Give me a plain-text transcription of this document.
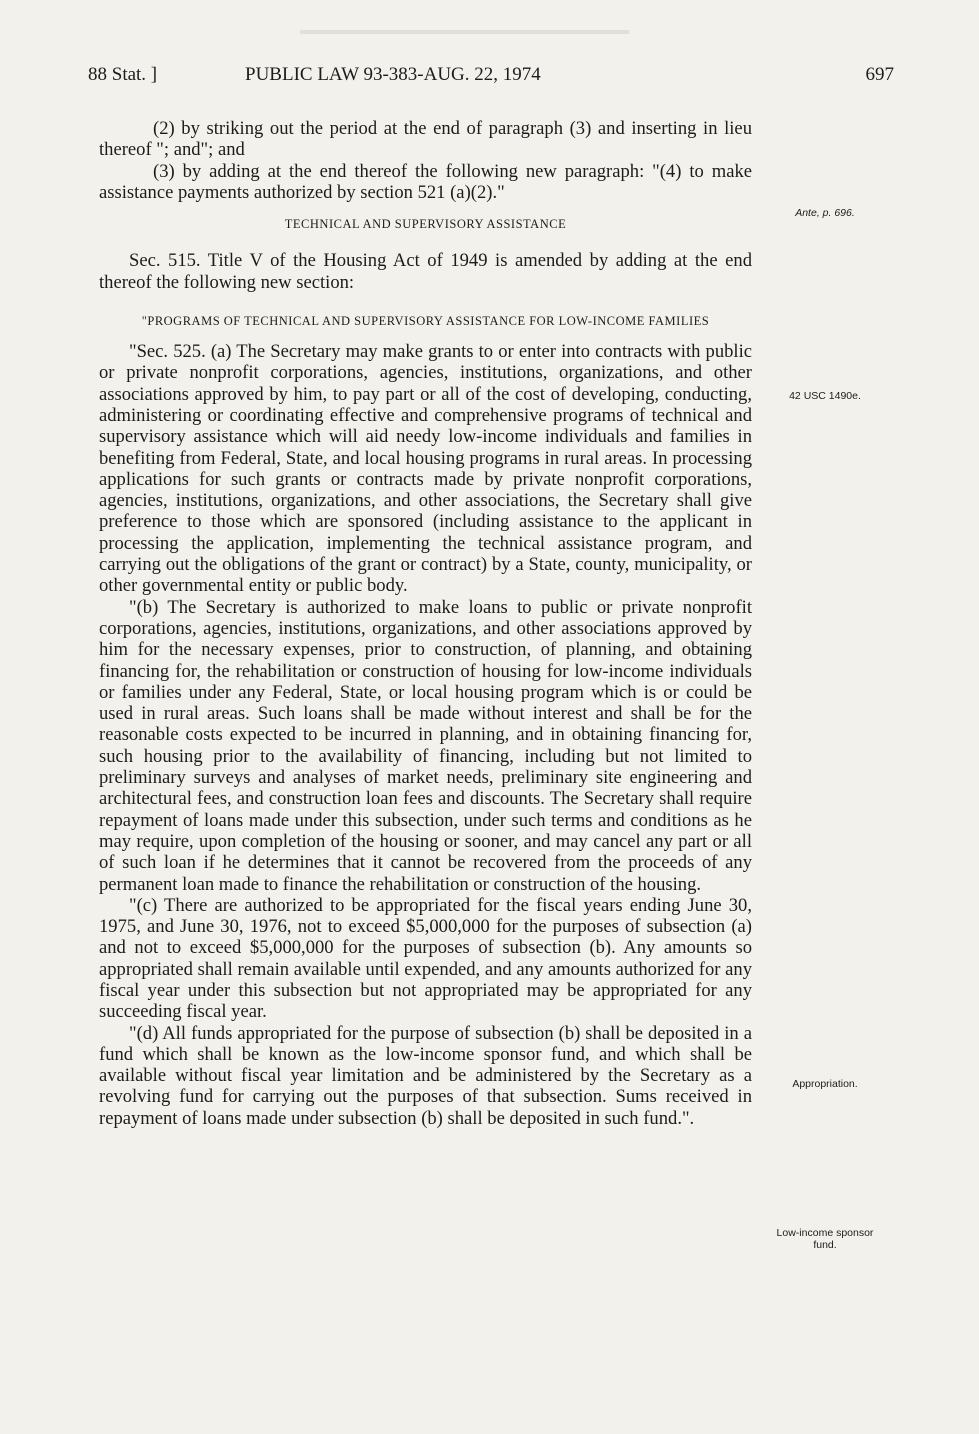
88 Stat. ]	PUBLIC LAW 93-383-AUG. 22, 1974	697
Ante, p. 696.
42 USC 1490e.
Appropriation.
Low-income sponsor fund.

(2) by striking out the period at the end of paragraph (3) and inserting in lieu thereof "; and"; and

(3) by adding at the end thereof the following new paragraph: "(4) to make assistance payments authorized by section 521 (a)(2)."

TECHNICAL AND SUPERVISORY ASSISTANCE

Sec. 515. Title V of the Housing Act of 1949 is amended by adding at the end thereof the following new section:

"PROGRAMS OF TECHNICAL AND SUPERVISORY ASSISTANCE FOR LOW-INCOME FAMILIES

"Sec. 525. (a) The Secretary may make grants to or enter into contracts with public or private nonprofit corporations, agencies, institutions, organizations, and other associations approved by him, to pay part or all of the cost of developing, conducting, administering or coordinating effective and comprehensive programs of technical and supervisory assistance which will aid needy low-income individuals and families in benefiting from Federal, State, and local housing programs in rural areas. In processing applications for such grants or contracts made by private nonprofit corporations, agencies, institutions, organizations, and other associations, the Secretary shall give preference to those which are sponsored (including assistance to the applicant in processing the application, implementing the technical assistance program, and carrying out the obligations of the grant or contract) by a State, county, municipality, or other governmental entity or public body.

"(b) The Secretary is authorized to make loans to public or private nonprofit corporations, agencies, institutions, organizations, and other associations approved by him for the necessary expenses, prior to construction, of planning, and obtaining financing for, the rehabilitation or construction of housing for low-income individuals or families under any Federal, State, or local housing program which is or could be used in rural areas. Such loans shall be made without interest and shall be for the reasonable costs expected to be incurred in planning, and in obtaining financing for, such housing prior to the availability of financing, including but not limited to preliminary surveys and analyses of market needs, preliminary site engineering and architectural fees, and construction loan fees and discounts. The Secretary shall require repayment of loans made under this subsection, under such terms and conditions as he may require, upon completion of the housing or sooner, and may cancel any part or all of such loan if he determines that it cannot be recovered from the proceeds of any permanent loan made to finance the rehabilitation or construction of the housing.

"(c) There are authorized to be appropriated for the fiscal years ending June 30, 1975, and June 30, 1976, not to exceed $5,000,000 for the purposes of subsection (a) and not to exceed $5,000,000 for the purposes of subsection (b). Any amounts so appropriated shall remain available until expended, and any amounts authorized for any fiscal year under this subsection but not appropriated may be appropriated for any succeeding fiscal year.

"(d) All funds appropriated for the purpose of subsection (b) shall be deposited in a fund which shall be known as the low-income sponsor fund, and which shall be available without fiscal year limitation and be administered by the Secretary as a revolving fund for carrying out the purposes of that subsection. Sums received in repayment of loans made under subsection (b) shall be deposited in such fund.".
